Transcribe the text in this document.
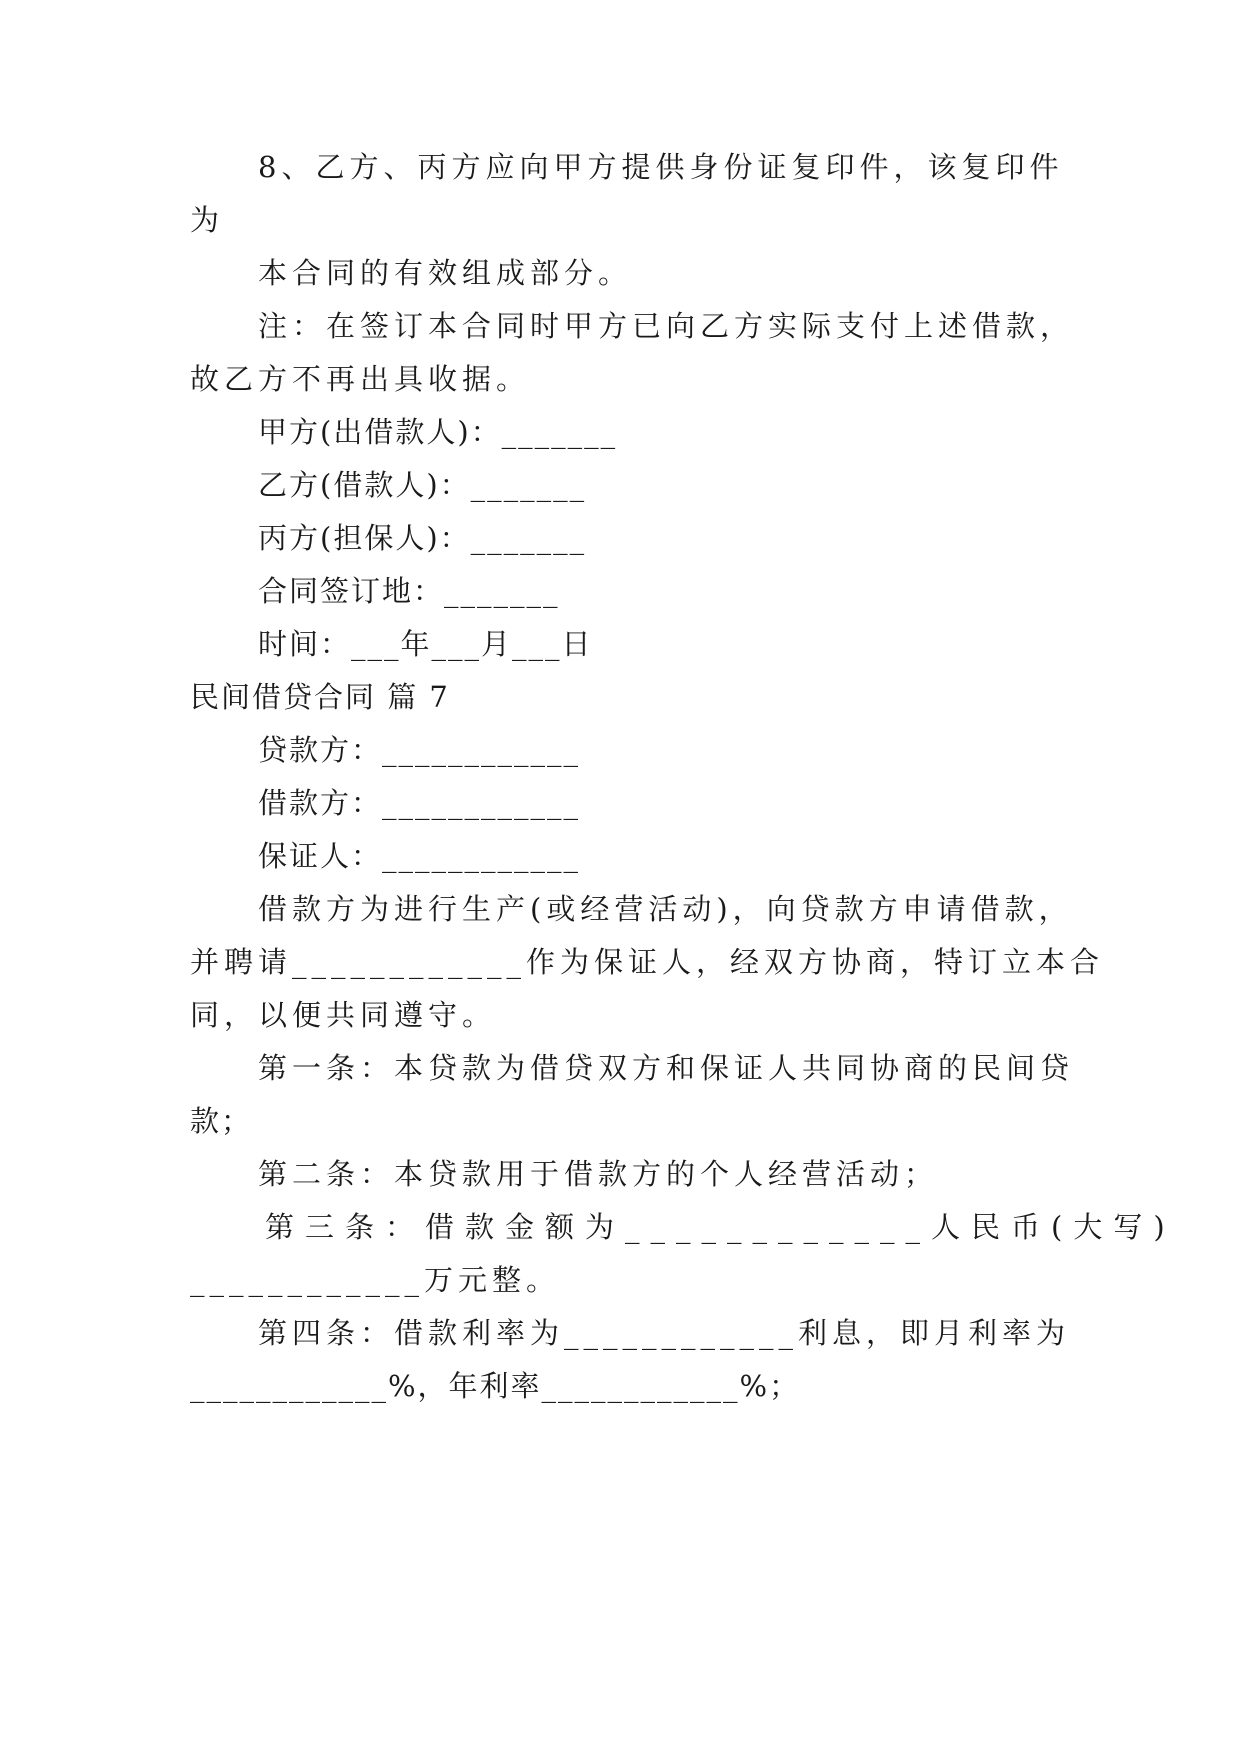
8、乙方、丙方应向甲方提供身份证复印件，该复印件
为
本合同的有效组成部分。
注：在签订本合同时甲方已向乙方实际支付上述借款，
故乙方不再出具收据。
甲方(出借款人)：_______
乙方(借款人)：_______
丙方(担保人)：_______
合同签订地：_______
时间：___年___月___日
民间借贷合同 篇 7
贷款方：____________
借款方：____________
保证人：____________
借款方为进行生产(或经营活动)，向贷款方申请借款，
并聘请____________作为保证人，经双方协商，特订立本合
同，以便共同遵守。
第一条：本贷款为借贷双方和保证人共同协商的民间贷
款；
第二条：本贷款用于借款方的个人经营活动；
第三条：借款金额为____________人民币(大写)
____________万元整。
第四条：借款利率为____________利息，即月利率为
____________%，年利率____________%；
